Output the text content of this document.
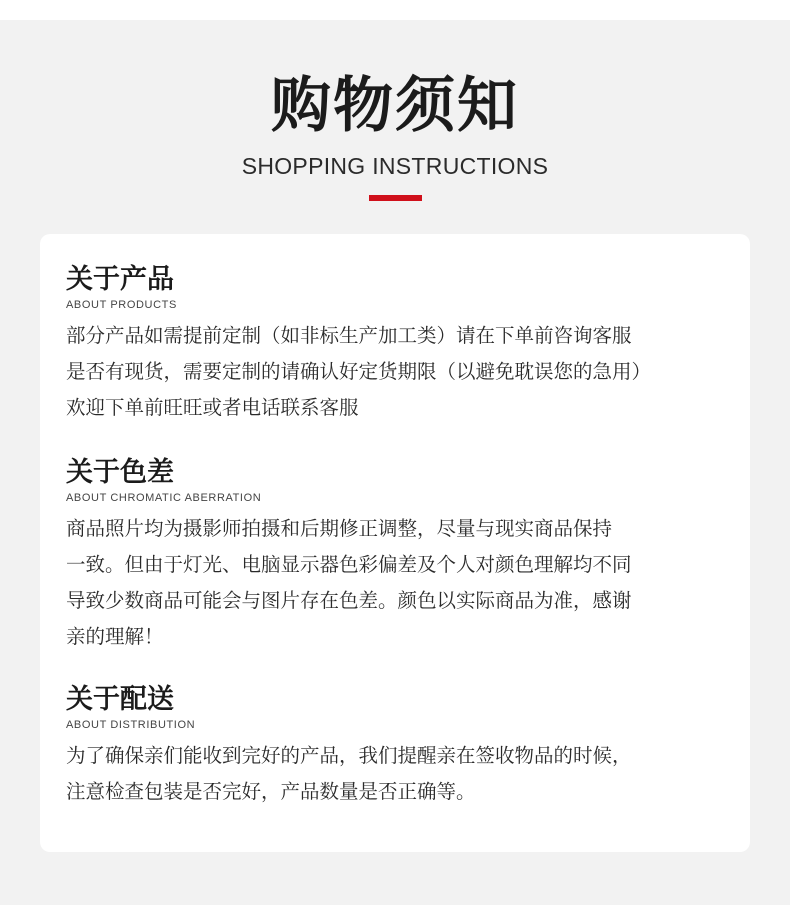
购物须知
SHOPPING INSTRUCTIONS
关于产品
ABOUT PRODUCTS
部分产品如需提前定制（如非标生产加工类）请在下单前咨询客服
是否有现货，需要定制的请确认好定货期限（以避免耽误您的急用）
欢迎下单前旺旺或者电话联系客服
关于色差
ABOUT CHROMATIC ABERRATION
商品照片均为摄影师拍摄和后期修正调整，尽量与现实商品保持
一致。但由于灯光、电脑显示器色彩偏差及个人对颜色理解均不同
导致少数商品可能会与图片存在色差。颜色以实际商品为准，感谢
亲的理解！
关于配送
ABOUT DISTRIBUTION
为了确保亲们能收到完好的产品，我们提醒亲在签收物品的时候，
注意检查包装是否完好，产品数量是否正确等。
